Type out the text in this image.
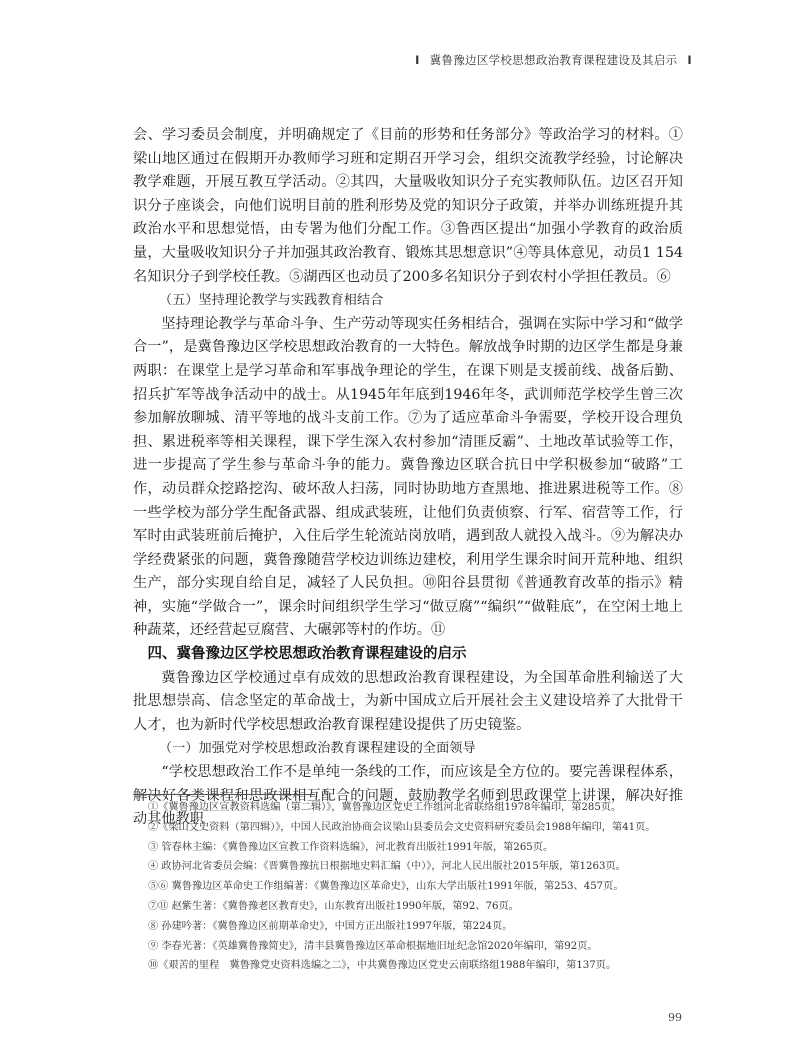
I 冀鲁豫边区学校思想政治教育课程建设及其启示 I

会、学习委员会制度，并明确规定了《目前的形势和任务部分》等政治学习的材料。①梁山地区通过在假期开办教师学习班和定期召开学习会，组织交流教学经验，讨论解决教学难题，开展互教互学活动。②其四，大量吸收知识分子充实教师队伍。边区召开知识分子座谈会，向他们说明目前的胜利形势及党的知识分子政策，并举办训练班提升其政治水平和思想觉悟，由专署为他们分配工作。③鲁西区提出“加强小学教育的政治质量，大量吸收知识分子并加强其政治教育、锻炼其思想意识”④等具体意见，动员1 154名知识分子到学校任教。⑤湖西区也动员了200多名知识分子到农村小学担任教员。⑥

（五）坚持理论教学与实践教育相结合

坚持理论教学与革命斗争、生产劳动等现实任务相结合，强调在实际中学习和“做学合一”，是冀鲁豫边区学校思想政治教育的一大特色。解放战争时期的边区学生都是身兼两职：在课堂上是学习革命和军事战争理论的学生，在课下则是支援前线、战备后勤、招兵扩军等战争活动中的战士。从1945年年底到1946年冬，武训师范学校学生曾三次参加解放聊城、清平等地的战斗支前工作。⑦为了适应革命斗争需要，学校开设合理负担、累进税率等相关课程，课下学生深入农村参加“清匪反霸”、土地改革试验等工作，进一步提高了学生参与革命斗争的能力。冀鲁豫边区联合抗日中学积极参加“破路”工作，动员群众挖路挖沟、破坏敌人扫荡，同时协助地方查黑地、推进累进税等工作。⑧一些学校为部分学生配备武器、组成武装班，让他们负责侦察、行军、宿营等工作，行军时由武装班前后掩护，入住后学生轮流站岗放哨，遇到敌人就投入战斗。⑨为解决办学经费紧张的问题，冀鲁豫随营学校边训练边建校，利用学生课余时间开荒种地、组织生产，部分实现自给自足，减轻了人民负担。⑩阳谷县贯彻《普通教育改革的指示》精神，实施“学做合一”，课余时间组织学生学习“做豆腐”“编织”“做鞋底”，在空闲土地上种蔬菜，还经营起豆腐营、大碾郭等村的作坊。⑪

四、冀鲁豫边区学校思想政治教育课程建设的启示

冀鲁豫边区学校通过卓有成效的思想政治教育课程建设，为全国革命胜利输送了大批思想崇高、信念坚定的革命战士，为新中国成立后开展社会主义建设培养了大批骨干人才，也为新时代学校思想政治教育课程建设提供了历史镜鉴。

（一）加强党对学校思想政治教育课程建设的全面领导

“学校思想政治工作不是单纯一条线的工作，而应该是全方位的。要完善课程体系，解决好各类课程和思政课相互配合的问题，鼓励教学名师到思政课堂上讲课，解决好推动其他教职

①《冀鲁豫边区宣教资料选编（第二辑）》，冀鲁豫边区党史工作组河北省联络组1978年编印，第285页。
②《梁山文史资料（第四辑）》，中国人民政治协商会议梁山县委员会文史资料研究委员会1988年编印，第41页。
③ 管春林主编：《冀鲁豫边区宣教工作资料选编》，河北教育出版社1991年版，第265页。
④ 政协河北省委员会编：《晋冀鲁豫抗日根据地史料汇编（中）》，河北人民出版社2015年版，第1263页。
⑤⑥ 冀鲁豫边区革命史工作组编著：《冀鲁豫边区革命史》，山东大学出版社1991年版，第253、457页。
⑦⑪ 赵紫生著：《冀鲁豫老区教育史》，山东教育出版社1990年版，第92、76页。
⑧ 孙建吟著：《冀鲁豫边区前期革命史》，中国方正出版社1997年版，第224页。
⑨ 李春光著：《英雄冀鲁豫简史》，清丰县冀鲁豫边区革命根据地旧址纪念馆2020年编印，第92页。
⑩《艰苦的里程　冀鲁豫党史资料选编之二》，中共冀鲁豫边区党史云南联络组1988年编印，第137页。
99
